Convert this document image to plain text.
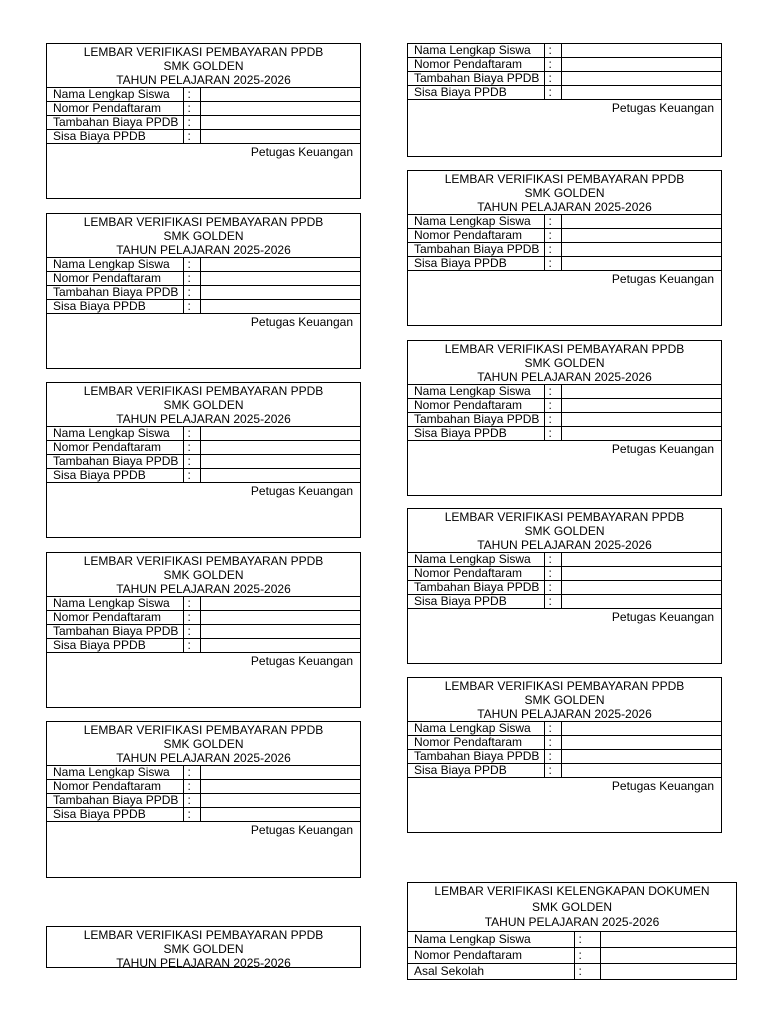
LEMBAR VERIFIKASI PEMBAYARAN PPDB
SMK GOLDEN
TAHUN PELAJARAN 2025-2026
Nama Lengkap Siswa	:	
Nomor Pendaftaram	:	
Tambahan Biaya PPDB	:	
Sisa Biaya PPDB	:	
Petugas Keuangan
LEMBAR VERIFIKASI PEMBAYARAN PPDB
SMK GOLDEN
TAHUN PELAJARAN 2025-2026
Nama Lengkap Siswa	:	
Nomor Pendaftaram	:	
Tambahan Biaya PPDB	:	
Sisa Biaya PPDB	:	
Petugas Keuangan
LEMBAR VERIFIKASI PEMBAYARAN PPDB
SMK GOLDEN
TAHUN PELAJARAN 2025-2026
Nama Lengkap Siswa	:	
Nomor Pendaftaram	:	
Tambahan Biaya PPDB	:	
Sisa Biaya PPDB	:	
Petugas Keuangan
LEMBAR VERIFIKASI PEMBAYARAN PPDB
SMK GOLDEN
TAHUN PELAJARAN 2025-2026
Nama Lengkap Siswa	:	
Nomor Pendaftaram	:	
Tambahan Biaya PPDB	:	
Sisa Biaya PPDB	:	
Petugas Keuangan
LEMBAR VERIFIKASI PEMBAYARAN PPDB
SMK GOLDEN
TAHUN PELAJARAN 2025-2026
Nama Lengkap Siswa	:	
Nomor Pendaftaram	:	
Tambahan Biaya PPDB	:	
Sisa Biaya PPDB	:	
Petugas Keuangan
LEMBAR VERIFIKASI PEMBAYARAN PPDB
SMK GOLDEN
TAHUN PELAJARAN 2025-2026
Nama Lengkap Siswa	:	
Nomor Pendaftaram	:	
Tambahan Biaya PPDB	:	
Sisa Biaya PPDB	:	
Petugas Keuangan
LEMBAR VERIFIKASI PEMBAYARAN PPDB
SMK GOLDEN
TAHUN PELAJARAN 2025-2026
Nama Lengkap Siswa	:	
Nomor Pendaftaram	:	
Tambahan Biaya PPDB	:	
Sisa Biaya PPDB	:	
Petugas Keuangan
LEMBAR VERIFIKASI PEMBAYARAN PPDB
SMK GOLDEN
TAHUN PELAJARAN 2025-2026
Nama Lengkap Siswa	:	
Nomor Pendaftaram	:	
Tambahan Biaya PPDB	:	
Sisa Biaya PPDB	:	
Petugas Keuangan
LEMBAR VERIFIKASI PEMBAYARAN PPDB
SMK GOLDEN
TAHUN PELAJARAN 2025-2026
Nama Lengkap Siswa	:	
Nomor Pendaftaram	:	
Tambahan Biaya PPDB	:	
Sisa Biaya PPDB	:	
Petugas Keuangan
LEMBAR VERIFIKASI PEMBAYARAN PPDB
SMK GOLDEN
TAHUN PELAJARAN 2025-2026
Nama Lengkap Siswa	:	
Nomor Pendaftaram	:	
Tambahan Biaya PPDB	:	
Sisa Biaya PPDB	:	
Petugas Keuangan
LEMBAR VERIFIKASI KELENGKAPAN DOKUMEN
SMK GOLDEN
TAHUN PELAJARAN 2025-2026
Nama Lengkap Siswa	:	
Nomor Pendaftaram	:	
Asal Sekolah	:	
